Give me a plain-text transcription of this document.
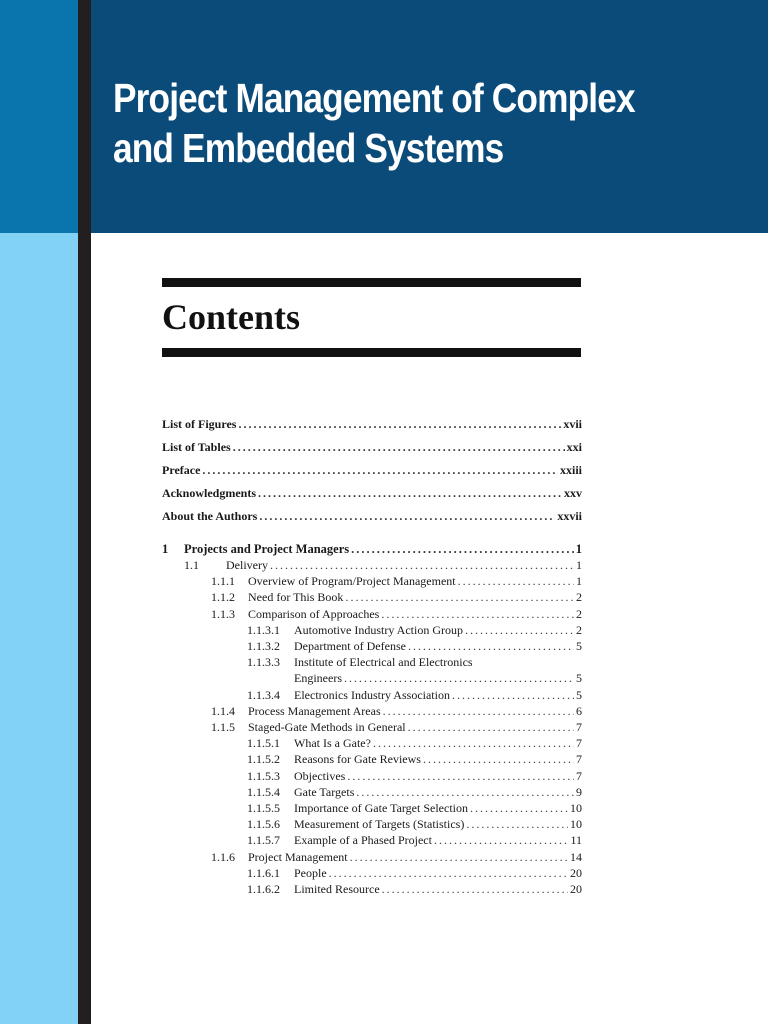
Project Management of Complex
and Embedded Systems
Contents
List of Figures .....	xvii
List of Tables .....	xxi
Preface .....	xxiii
Acknowledgments .....	xxv
About the Authors .....	xxvii
1	Projects and Project Managers .....	1
1.1	Delivery .....	1
1.1.1	Overview of Program/Project Management .....	1
1.1.2	Need for This Book .....	2
1.1.3	Comparison of Approaches .....	2
1.1.3.1	Automotive Industry Action Group .....	2
1.1.3.2	Department of Defense .....	5
1.1.3.3	Institute of Electrical and Electronics
Engineers .....	5
1.1.3.4	Electronics Industry Association .....	5
1.1.4	Process Management Areas .....	6
1.1.5	Staged-Gate Methods in General .....	7
1.1.5.1	What Is a Gate? .....	7
1.1.5.2	Reasons for Gate Reviews .....	7
1.1.5.3	Objectives .....	7
1.1.5.4	Gate Targets .....	9
1.1.5.5	Importance of Gate Target Selection .....	10
1.1.5.6	Measurement of Targets (Statistics) .....	10
1.1.5.7	Example of a Phased Project .....	11
1.1.6	Project Management .....	14
1.1.6.1	People .....	20
1.1.6.2	Limited Resource .....	20
